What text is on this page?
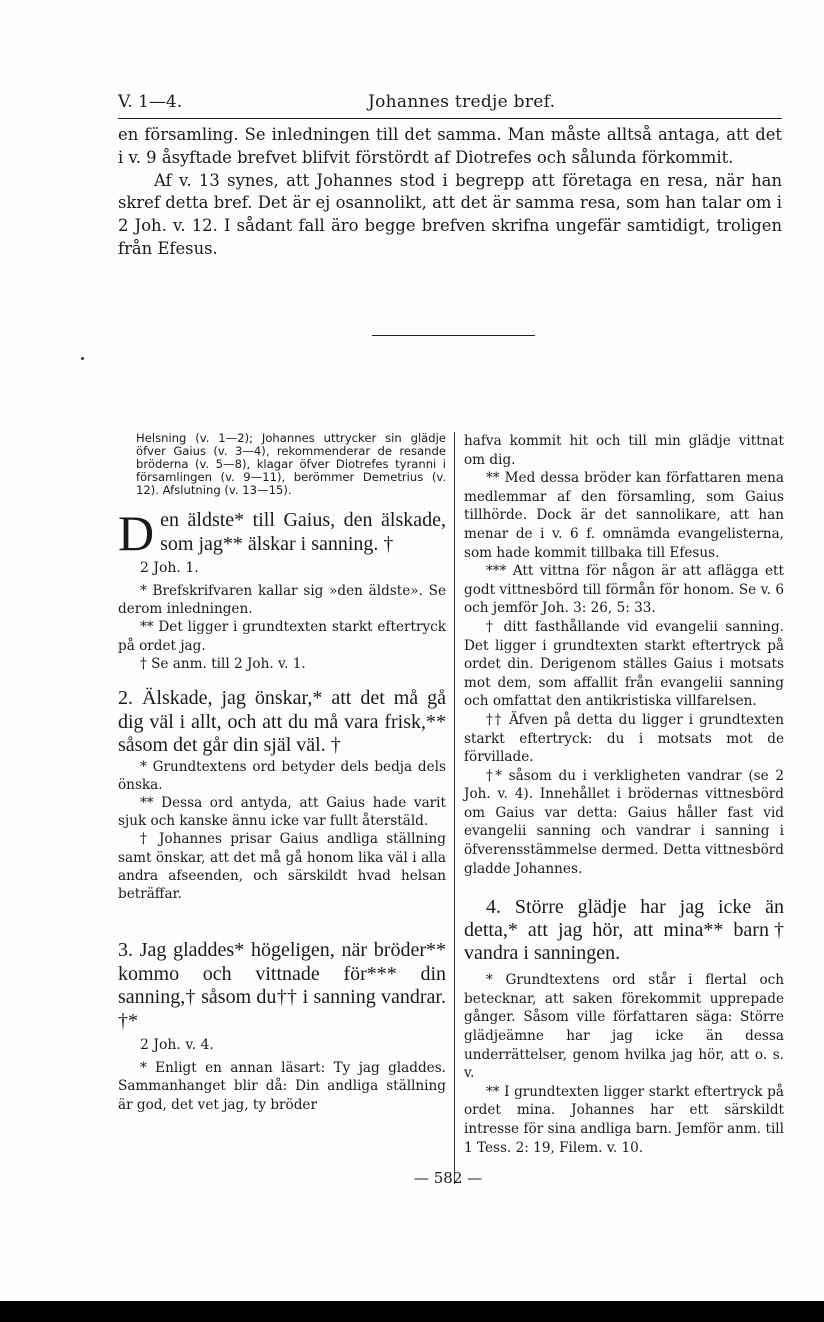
V. 1—4.	Johannes tredje bref.

en församling. Se inledningen till det samma. Man måste alltså antaga, att det i v. 9 åsyftade brefvet blifvit förstördt af Diotrefes och sålunda förkommit.

Af v. 13 synes, att Johannes stod i begrepp att företaga en resa, när han skref detta bref. Det är ej osannolikt, att det är samma resa, som han talar om i 2 Joh. v. 12. I sådant fall äro begge brefven skrifna ungefär samtidigt, troligen från Efesus.

Helsning (v. 1—2); Johannes uttrycker sin glädje öfver Gaius (v. 3—4), rekommenderar de resande bröderna (v. 5—8), klagar öfver Diotrefes tyranni i församlingen (v. 9—11), berömmer Demetrius (v. 12). Afslutning (v. 13—15).

Den äldste* till Gaius, den älskade, som jag** älskar i sanning. †

2 Joh. 1.

* Brefskrifvaren kallar sig »den äldste». Se derom inledningen.

** Det ligger i grundtexten starkt eftertryck på ordet jag.

† Se anm. till 2 Joh. v. 1.

2. Älskade, jag önskar,* att det må gå dig väl i allt, och att du må vara frisk,** såsom det går din själ väl. †

* Grundtextens ord betyder dels bedja dels önska.

** Dessa ord antyda, att Gaius hade varit sjuk och kanske ännu icke var fullt återstäld.

† Johannes prisar Gaius andliga ställning samt önskar, att det må gå honom lika väl i alla andra afseenden, och särskildt hvad helsan beträffar.

3. Jag gladdes* högeligen, när bröder** kommo och vittnade för*** din sanning,† såsom du†† i sanning vandrar. †*

2 Joh. v. 4.

* Enligt en annan läsart: Ty jag gladdes. Sammanhanget blir då: Din andliga ställning är god, det vet jag, ty bröder

hafva kommit hit och till min glädje vittnat om dig.

** Med dessa bröder kan författaren mena medlemmar af den församling, som Gaius tillhörde. Dock är det sannolikare, att han menar de i v. 6 f. omnämda evangelisterna, som hade kommit tillbaka till Efesus.

*** Att vittna för någon är att aflägga ett godt vittnesbörd till förmån för honom. Se v. 6 och jemför Joh. 3: 26, 5: 33.

† ditt fasthållande vid evangelii sanning. Det ligger i grundtexten starkt eftertryck på ordet din. Derigenom ställes Gaius i motsats mot dem, som affallit från evangelii sanning och omfattat den antikristiska villfarelsen.

†† Äfven på detta du ligger i grundtexten starkt eftertryck: du i motsats mot de förvillade.

†* såsom du i verkligheten vandrar (se 2 Joh. v. 4). Innehållet i brödernas vittnesbörd om Gaius var detta: Gaius håller fast vid evangelii sanning och vandrar i sanning i öfverensstämmelse dermed. Detta vittnesbörd gladde Johannes.

4. Större glädje har jag icke än detta,* att jag hör, att mina** barn† vandra i sanningen.

* Grundtextens ord står i flertal och betecknar, att saken förekommit upprepade gånger. Såsom ville författaren säga: Större glädjeämne har jag icke än dessa underrättelser, genom hvilka jag hör, att o. s. v.

** I grundtexten ligger starkt eftertryck på ordet mina. Johannes har ett särskildt intresse för sina andliga barn. Jemför anm. till 1 Tess. 2: 19, Filem. v. 10.

— 582 —
